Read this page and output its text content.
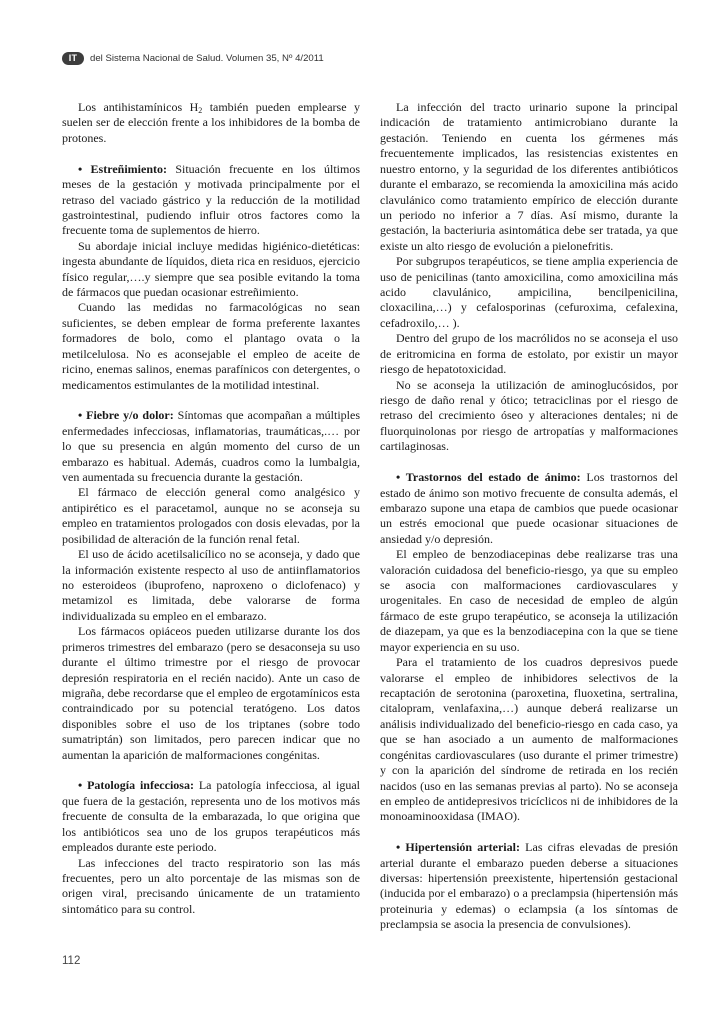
IT	del Sistema Nacional de Salud. Volumen 35, Nº 4/2011

Los antihistamínicos $H_2$ también pueden emplearse y suelen ser de elección frente a los inhibidores de la bomba de protones.

• Estreñimiento: Situación frecuente en los últimos meses de la gestación y motivada principalmente por el retraso del vaciado gástrico y la reducción de la motilidad gastrointestinal, pudiendo influir otros factores como la frecuente toma de suplementos de hierro.

Su abordaje inicial incluye medidas higiénico-dietéticas: ingesta abundante de líquidos, dieta rica en residuos, ejercicio físico regular,….y siempre que sea posible evitando la toma de fármacos que puedan ocasionar estreñimiento.

Cuando las medidas no farmacológicas no sean suficientes, se deben emplear de forma preferente laxantes formadores de bolo, como el plantago ovata o la metilcelulosa. No es aconsejable el empleo de aceite de ricino, enemas salinos, enemas parafínicos con detergentes, o medicamentos estimulantes de la motilidad intestinal.

• Fiebre y/o dolor: Síntomas que acompañan a múltiples enfermedades infecciosas, inflamatorias, traumáticas,.… por lo que su presencia en algún momento del curso de un embarazo es habitual. Además, cuadros como la lumbalgia, ven aumentada su frecuencia durante la gestación.

El fármaco de elección general como analgésico y antipirético es el paracetamol, aunque no se aconseja su empleo en tratamientos prologados con dosis elevadas, por la posibilidad de alteración de la función renal fetal.

El uso de ácido acetilsalicílico no se aconseja, y dado que la información existente respecto al uso de antiinflamatorios no esteroideos (ibuprofeno, naproxeno o diclofenaco) y metamizol es limitada, debe valorarse de forma individualizada su empleo en el embarazo.

Los fármacos opiáceos pueden utilizarse durante los dos primeros trimestres del embarazo (pero se desaconseja su uso durante el último trimestre por el riesgo de provocar depresión respiratoria en el recién nacido). Ante un caso de migraña, debe recordarse que el empleo de ergotamínicos esta contraindicado por su potencial teratógeno. Los datos disponibles sobre el uso de los triptanes (sobre todo sumatriptán) son limitados, pero parecen indicar que no aumentan la aparición de malformaciones congénitas.

• Patología infecciosa: La patología infecciosa, al igual que fuera de la gestación, representa uno de los motivos más frecuente de consulta de la embarazada, lo que origina que los antibióticos sea uno de los grupos terapéuticos más empleados durante este periodo.

Las infecciones del tracto respiratorio son las más frecuentes, pero un alto porcentaje de las mismas son de origen viral, precisando únicamente de un tratamiento sintomático para su control.

La infección del tracto urinario supone la principal indicación de tratamiento antimicrobiano durante la gestación. Teniendo en cuenta los gérmenes más frecuentemente implicados, las resistencias existentes en nuestro entorno, y la seguridad de los diferentes antibióticos durante el embarazo, se recomienda la amoxicilina más acido clavulánico como tratamiento empírico de elección durante un periodo no inferior a 7 días. Así mismo, durante la gestación, la bacteriuria asintomática debe ser tratada, ya que existe un alto riesgo de evolución a pielonefritis.

Por subgrupos terapéuticos, se tiene amplia experiencia de uso de penicilinas (tanto amoxicilina, como amoxicilina más acido clavulánico, ampicilina, bencilpenicilina, cloxacilina,…) y cefalosporinas (cefuroxima, cefalexina, cefadroxilo,… ).

Dentro del grupo de los macrólidos no se aconseja el uso de eritromicina en forma de estolato, por existir un mayor riesgo de hepatotoxicidad.

No se aconseja la utilización de aminoglucósidos, por riesgo de daño renal y ótico; tetraciclinas por el riesgo de retraso del crecimiento óseo y alteraciones dentales; ni de fluorquinolonas por riesgo de artropatías y malformaciones cartilaginosas.

• Trastornos del estado de ánimo: Los trastornos del estado de ánimo son motivo frecuente de consulta además, el embarazo supone una etapa de cambios que puede ocasionar un estrés emocional que puede ocasionar situaciones de ansiedad y/o depresión.

El empleo de benzodiacepinas debe realizarse tras una valoración cuidadosa del beneficio-riesgo, ya que su empleo se asocia con malformaciones cardiovasculares y urogenitales. En caso de necesidad de empleo de algún fármaco de este grupo terapéutico, se aconseja la utilización de diazepam, ya que es la benzodiacepina con la que se tiene mayor experiencia en su uso.

Para el tratamiento de los cuadros depresivos puede valorarse el empleo de inhibidores selectivos de la recaptación de serotonina (paroxetina, fluoxetina, sertralina, citalopram, venlafaxina,…) aunque deberá realizarse un análisis individualizado del beneficio-riesgo en cada caso, ya que se han asociado a un aumento de malformaciones congénitas cardiovasculares (uso durante el primer trimestre) y con la aparición del síndrome de retirada en los recién nacidos (uso en las semanas previas al parto). No se aconseja en empleo de antidepresivos tricíclicos ni de inhibidores de la monoaminooxidasa (IMAO).

• Hipertensión arterial: Las cifras elevadas de presión arterial durante el embarazo pueden deberse a situaciones diversas: hipertensión preexistente, hipertensión gestacional (inducida por el embarazo) o a preclampsia (hipertensión más proteinuria y edemas) o eclampsia (a los síntomas de preclampsia se asocia la presencia de convulsiones).

112
